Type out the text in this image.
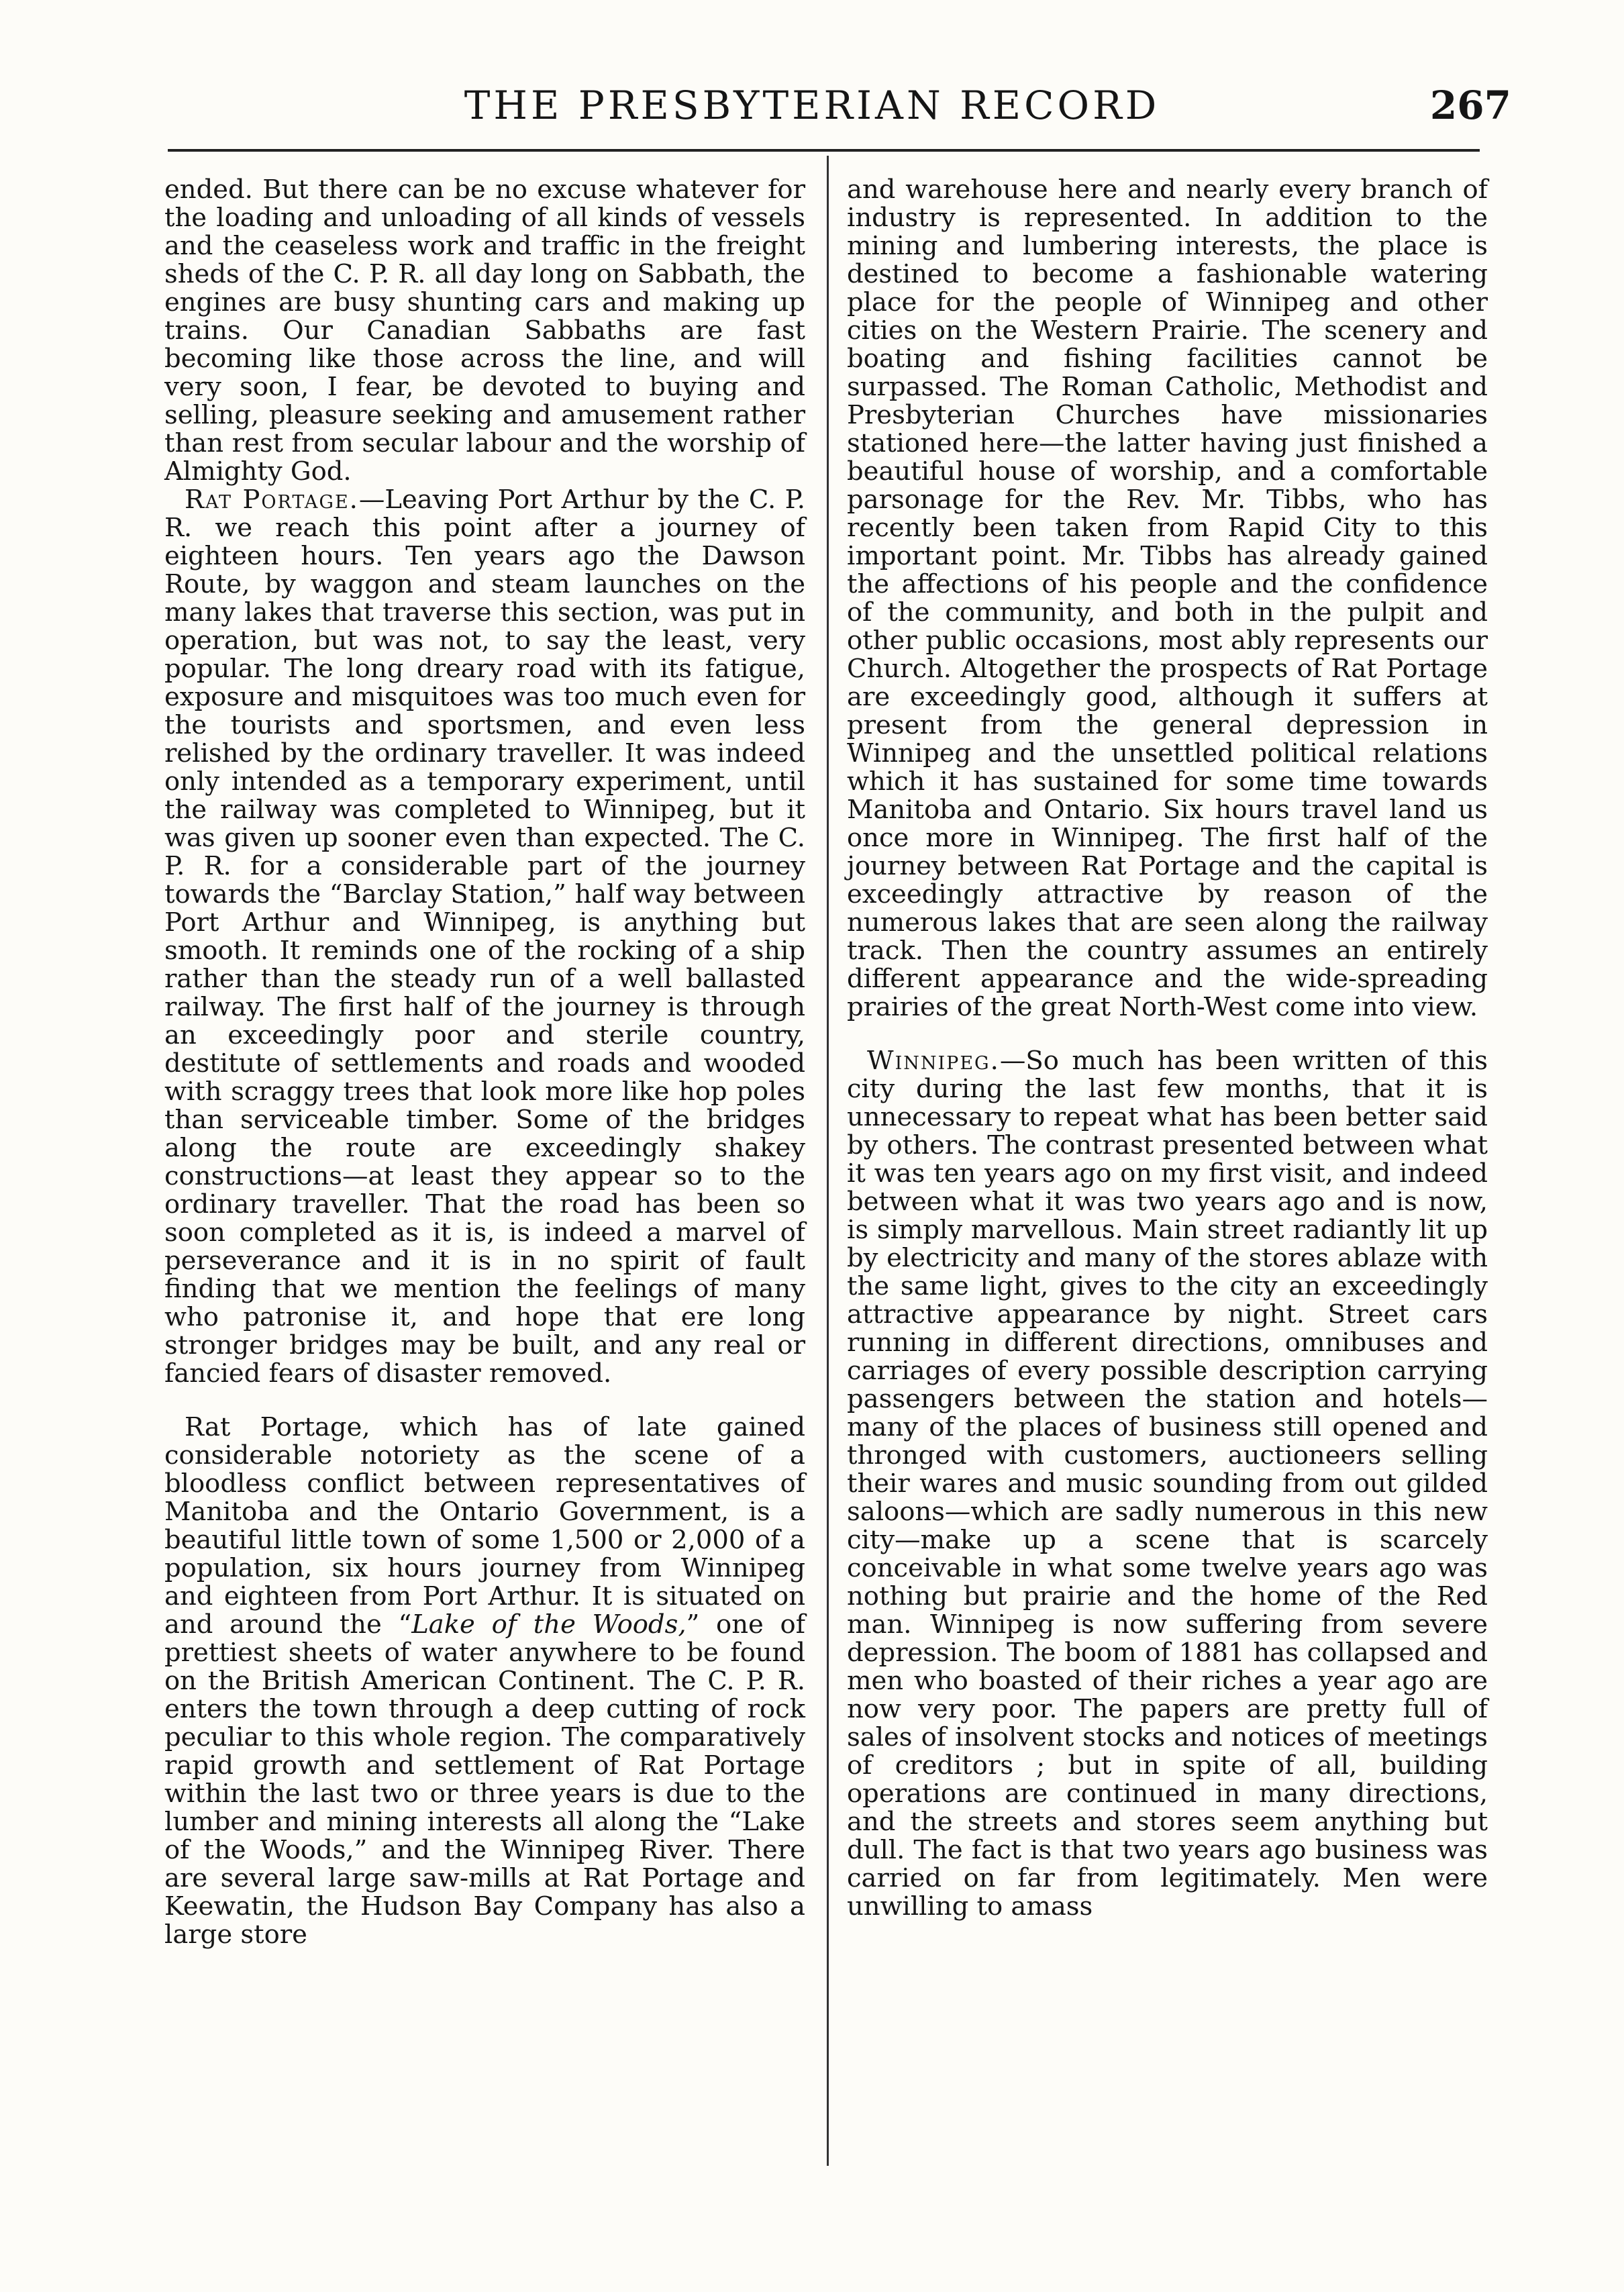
THE PRESBYTERIAN RECORD	267

ended. But there can be no excuse whatever for the loading and unloading of all kinds of vessels and the ceaseless work and traffic in the freight sheds of the C. P. R. all day long on Sabbath, the engines are busy shunting cars and making up trains. Our Canadian Sabbaths are fast becoming like those across the line, and will very soon, I fear, be devoted to buying and selling, pleasure seeking and amusement rather than rest from secular labour and the worship of Almighty God.

Rat Portage.—Leaving Port Arthur by the C. P. R. we reach this point after a journey of eighteen hours. Ten years ago the Dawson Route, by waggon and steam launches on the many lakes that traverse this section, was put in operation, but was not, to say the least, very popular. The long dreary road with its fatigue, exposure and misquitoes was too much even for the tourists and sportsmen, and even less relished by the ordinary traveller. It was indeed only intended as a temporary experiment, until the railway was completed to Winnipeg, but it was given up sooner even than expected. The C. P. R. for a considerable part of the journey towards the “Barclay Station,” half way between Port Arthur and Winnipeg, is anything but smooth. It reminds one of the rocking of a ship rather than the steady run of a well ballasted railway. The first half of the journey is through an exceedingly poor and sterile country, destitute of settlements and roads and wooded with scraggy trees that look more like hop poles than serviceable timber. Some of the bridges along the route are exceedingly shakey constructions—at least they appear so to the ordinary traveller. That the road has been so soon completed as it is, is indeed a marvel of perseverance and it is in no spirit of fault finding that we mention the feelings of many who patronise it, and hope that ere long stronger bridges may be built, and any real or fancied fears of disaster removed.

Rat Portage, which has of late gained considerable notoriety as the scene of a bloodless conflict between representatives of Manitoba and the Ontario Government, is a beautiful little town of some 1,500 or 2,000 of a population, six hours journey from Winnipeg and eighteen from Port Arthur. It is situated on and around the “Lake of the Woods,” one of prettiest sheets of water anywhere to be found on the British American Continent. The C. P. R. enters the town through a deep cutting of rock peculiar to this whole region. The comparatively rapid growth and settlement of Rat Portage within the last two or three years is due to the lumber and mining interests all along the “Lake of the Woods,” and the Winnipeg River. There are several large saw-mills at Rat Portage and Keewatin, the Hudson Bay Company has also a large store

and warehouse here and nearly every branch of industry is represented. In addition to the mining and lumbering interests, the place is destined to become a fashionable watering place for the people of Winnipeg and other cities on the Western Prairie. The scenery and boating and fishing facilities cannot be surpassed. The Roman Catholic, Methodist and Presbyterian Churches have missionaries stationed here—the latter having just finished a beautiful house of worship, and a comfortable parsonage for the Rev. Mr. Tibbs, who has recently been taken from Rapid City to this important point. Mr. Tibbs has already gained the affections of his people and the confidence of the community, and both in the pulpit and other public occasions, most ably represents our Church. Altogether the prospects of Rat Portage are exceedingly good, although it suffers at present from the general depression in Winnipeg and the unsettled political relations which it has sustained for some time towards Manitoba and Ontario. Six hours travel land us once more in Winnipeg. The first half of the journey between Rat Portage and the capital is exceedingly attractive by reason of the numerous lakes that are seen along the railway track. Then the country assumes an entirely different appearance and the wide-spreading prairies of the great North-West come into view.

Winnipeg.—So much has been written of this city during the last few months, that it is unnecessary to repeat what has been better said by others. The contrast presented between what it was ten years ago on my first visit, and indeed between what it was two years ago and is now, is simply marvellous. Main street radiantly lit up by electricity and many of the stores ablaze with the same light, gives to the city an exceedingly attractive appearance by night. Street cars running in different directions, omnibuses and carriages of every possible description carrying passengers between the station and hotels—many of the places of business still opened and thronged with customers, auctioneers selling their wares and music sounding from out gilded saloons—which are sadly numerous in this new city—make up a scene that is scarcely conceivable in what some twelve years ago was nothing but prairie and the home of the Red man. Winnipeg is now suffering from severe depression. The boom of 1881 has collapsed and men who boasted of their riches a year ago are now very poor. The papers are pretty full of sales of insolvent stocks and notices of meetings of creditors ; but in spite of all, building operations are continued in many directions, and the streets and stores seem anything but dull. The fact is that two years ago business was carried on far from legitimately. Men were unwilling to amass
